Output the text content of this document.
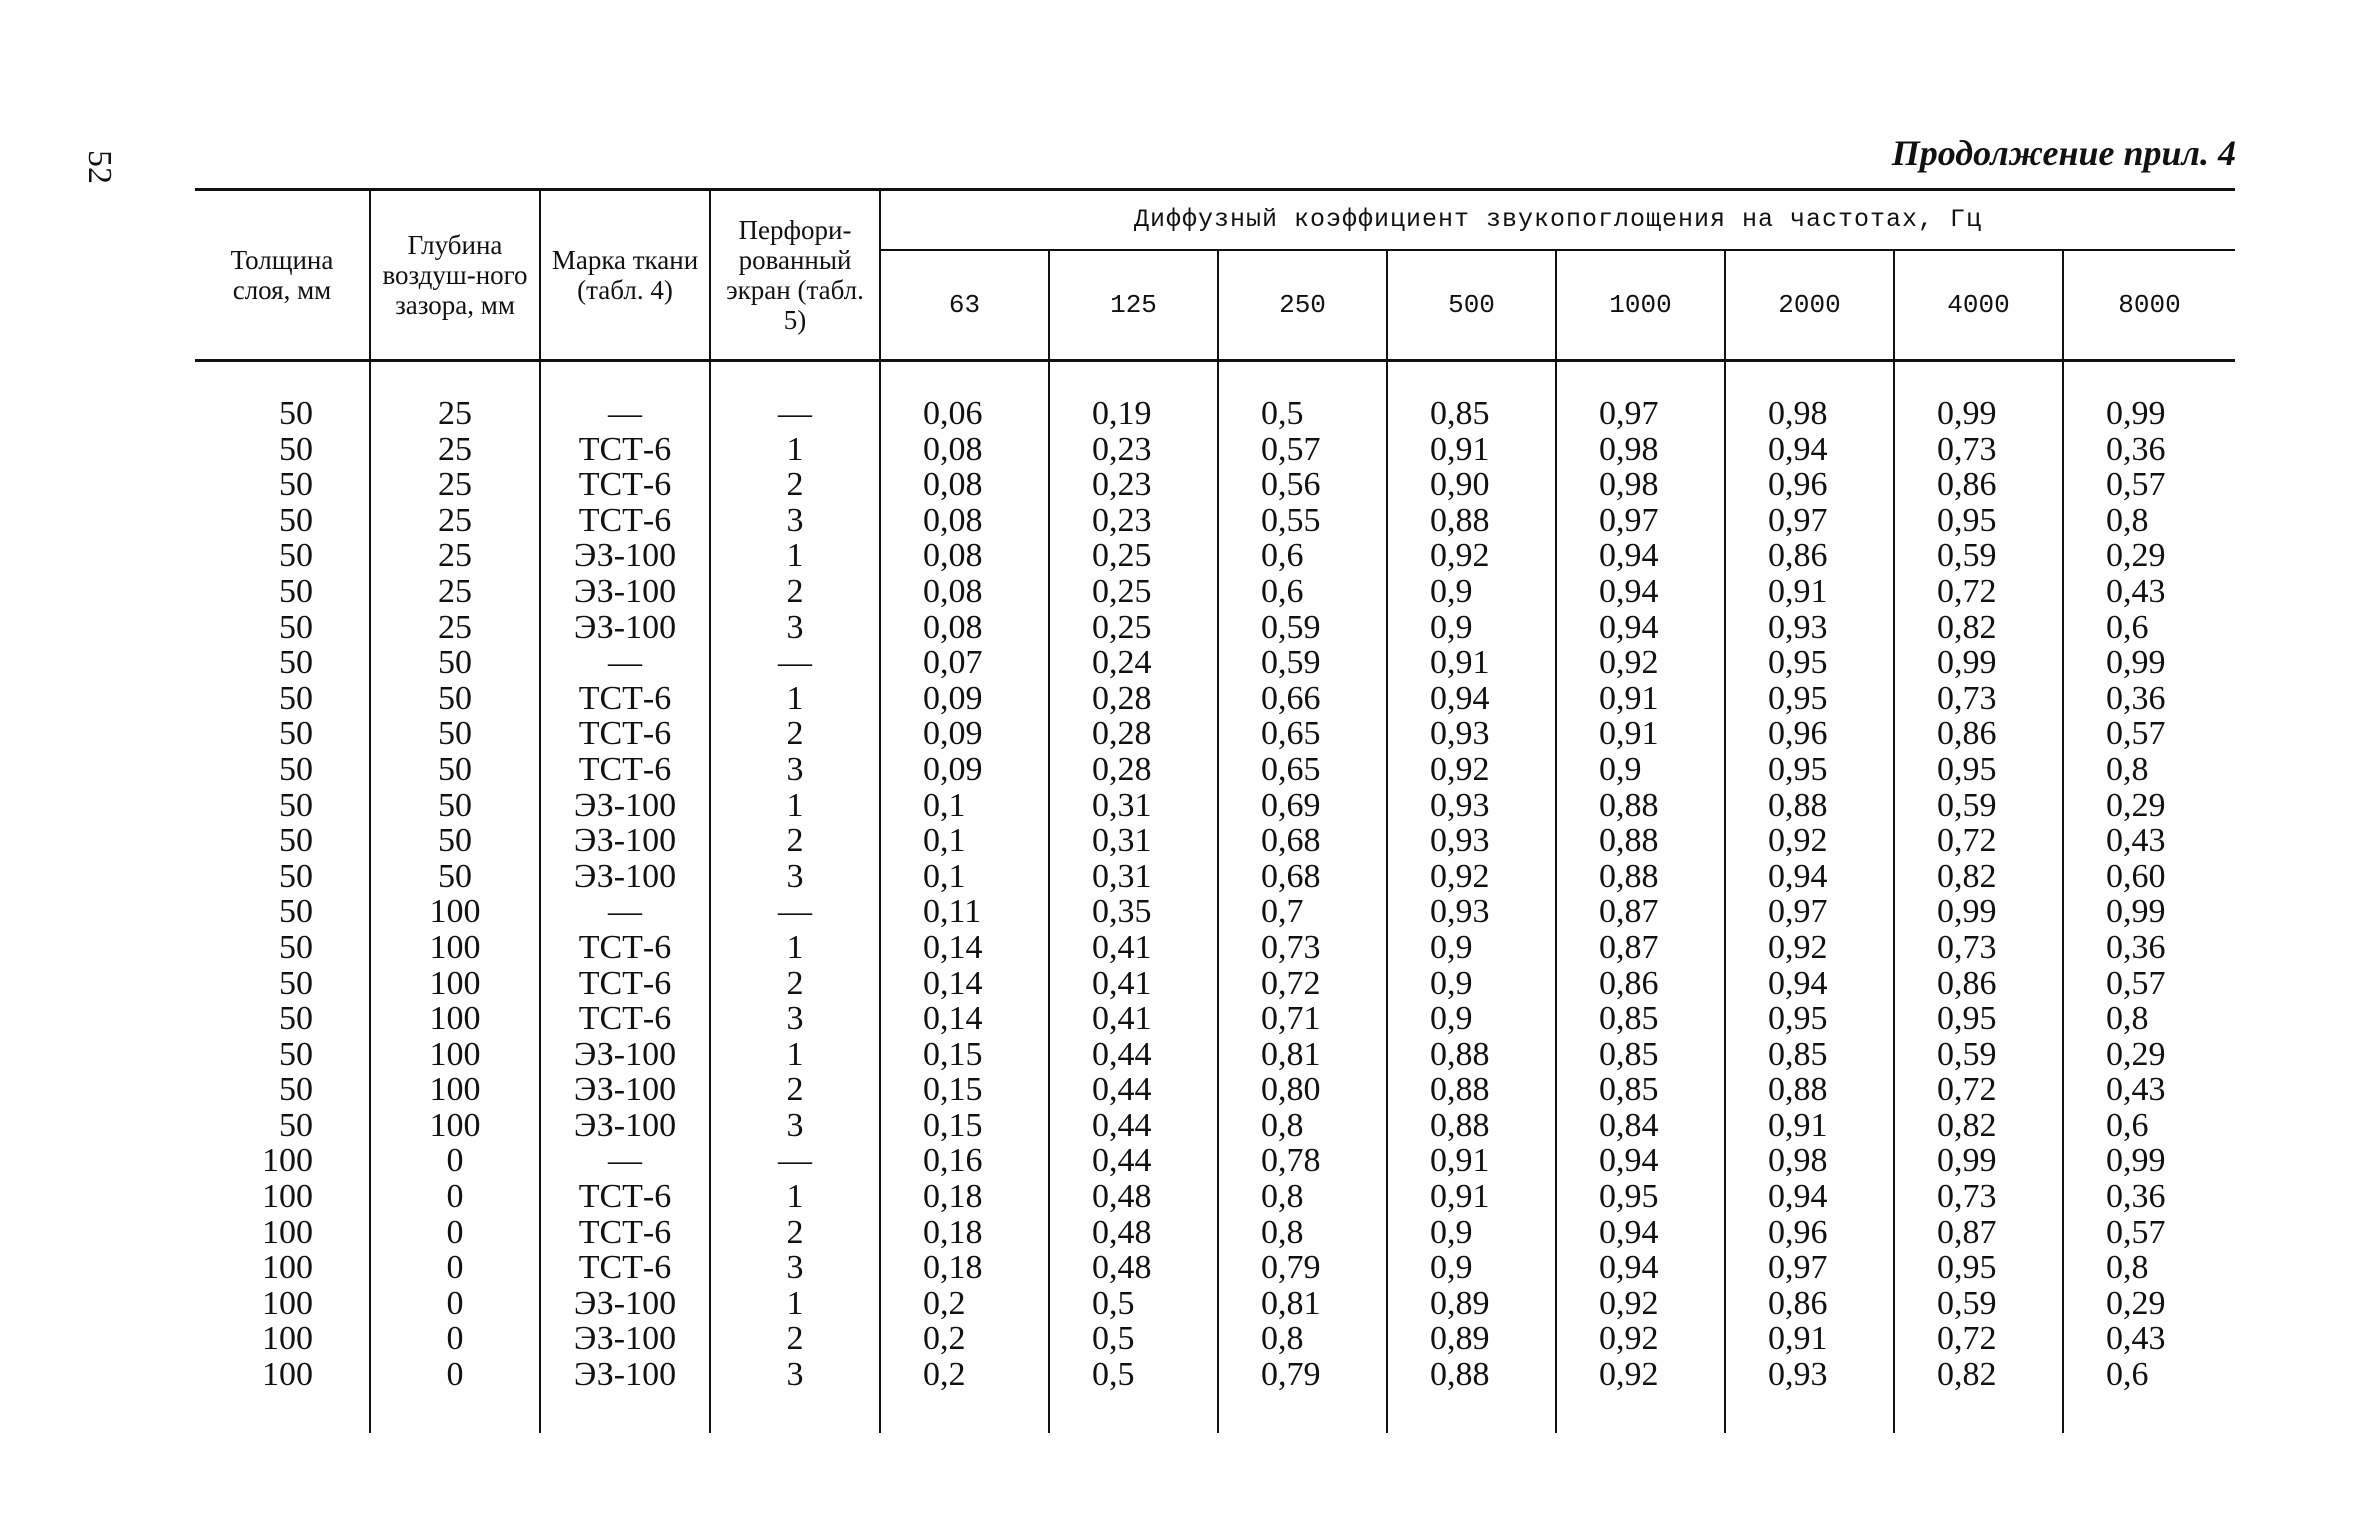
52	Продолжение прил. 4
Толщина слоя, мм	Глубина воздуш-ного зазора, мм	Марка ткани (табл. 4)	Перфори-рованный экран (табл. 5)	Диффузный коэффициент звукопоглощения на частотах, Гц							
				63	125	250	500	1000	2000	4000	8000

50	25	—	—	0,06	0,19	0,5	0,85	0,97	0,98	0,99	0,99
50	25	ТСТ-6	1	0,08	0,23	0,57	0,91	0,98	0,94	0,73	0,36
50	25	ТСТ-6	2	0,08	0,23	0,56	0,90	0,98	0,96	0,86	0,57
50	25	ТСТ-6	3	0,08	0,23	0,55	0,88	0,97	0,97	0,95	0,8
50	25	ЭЗ-100	1	0,08	0,25	0,6	0,92	0,94	0,86	0,59	0,29
50	25	ЭЗ-100	2	0,08	0,25	0,6	0,9	0,94	0,91	0,72	0,43
50	25	ЭЗ-100	3	0,08	0,25	0,59	0,9	0,94	0,93	0,82	0,6
50	50	—	—	0,07	0,24	0,59	0,91	0,92	0,95	0,99	0,99
50	50	ТСТ-6	1	0,09	0,28	0,66	0,94	0,91	0,95	0,73	0,36
50	50	ТСТ-6	2	0,09	0,28	0,65	0,93	0,91	0,96	0,86	0,57
50	50	ТСТ-6	3	0,09	0,28	0,65	0,92	0,9	0,95	0,95	0,8
50	50	ЭЗ-100	1	0,1	0,31	0,69	0,93	0,88	0,88	0,59	0,29
50	50	ЭЗ-100	2	0,1	0,31	0,68	0,93	0,88	0,92	0,72	0,43
50	50	ЭЗ-100	3	0,1	0,31	0,68	0,92	0,88	0,94	0,82	0,60
50	100	—	—	0,11	0,35	0,7	0,93	0,87	0,97	0,99	0,99
50	100	ТСТ-6	1	0,14	0,41	0,73	0,9	0,87	0,92	0,73	0,36
50	100	ТСТ-6	2	0,14	0,41	0,72	0,9	0,86	0,94	0,86	0,57
50	100	ТСТ-6	3	0,14	0,41	0,71	0,9	0,85	0,95	0,95	0,8
50	100	ЭЗ-100	1	0,15	0,44	0,81	0,88	0,85	0,85	0,59	0,29
50	100	ЭЗ-100	2	0,15	0,44	0,80	0,88	0,85	0,88	0,72	0,43
50	100	ЭЗ-100	3	0,15	0,44	0,8	0,88	0,84	0,91	0,82	0,6
100	0	—	—	0,16	0,44	0,78	0,91	0,94	0,98	0,99	0,99
100	0	ТСТ-6	1	0,18	0,48	0,8	0,91	0,95	0,94	0,73	0,36
100	0	ТСТ-6	2	0,18	0,48	0,8	0,9	0,94	0,96	0,87	0,57
100	0	ТСТ-6	3	0,18	0,48	0,79	0,9	0,94	0,97	0,95	0,8
100	0	ЭЗ-100	1	0,2	0,5	0,81	0,89	0,92	0,86	0,59	0,29
100	0	ЭЗ-100	2	0,2	0,5	0,8	0,89	0,92	0,91	0,72	0,43
100	0	ЭЗ-100	3	0,2	0,5	0,79	0,88	0,92	0,93	0,82	0,6
